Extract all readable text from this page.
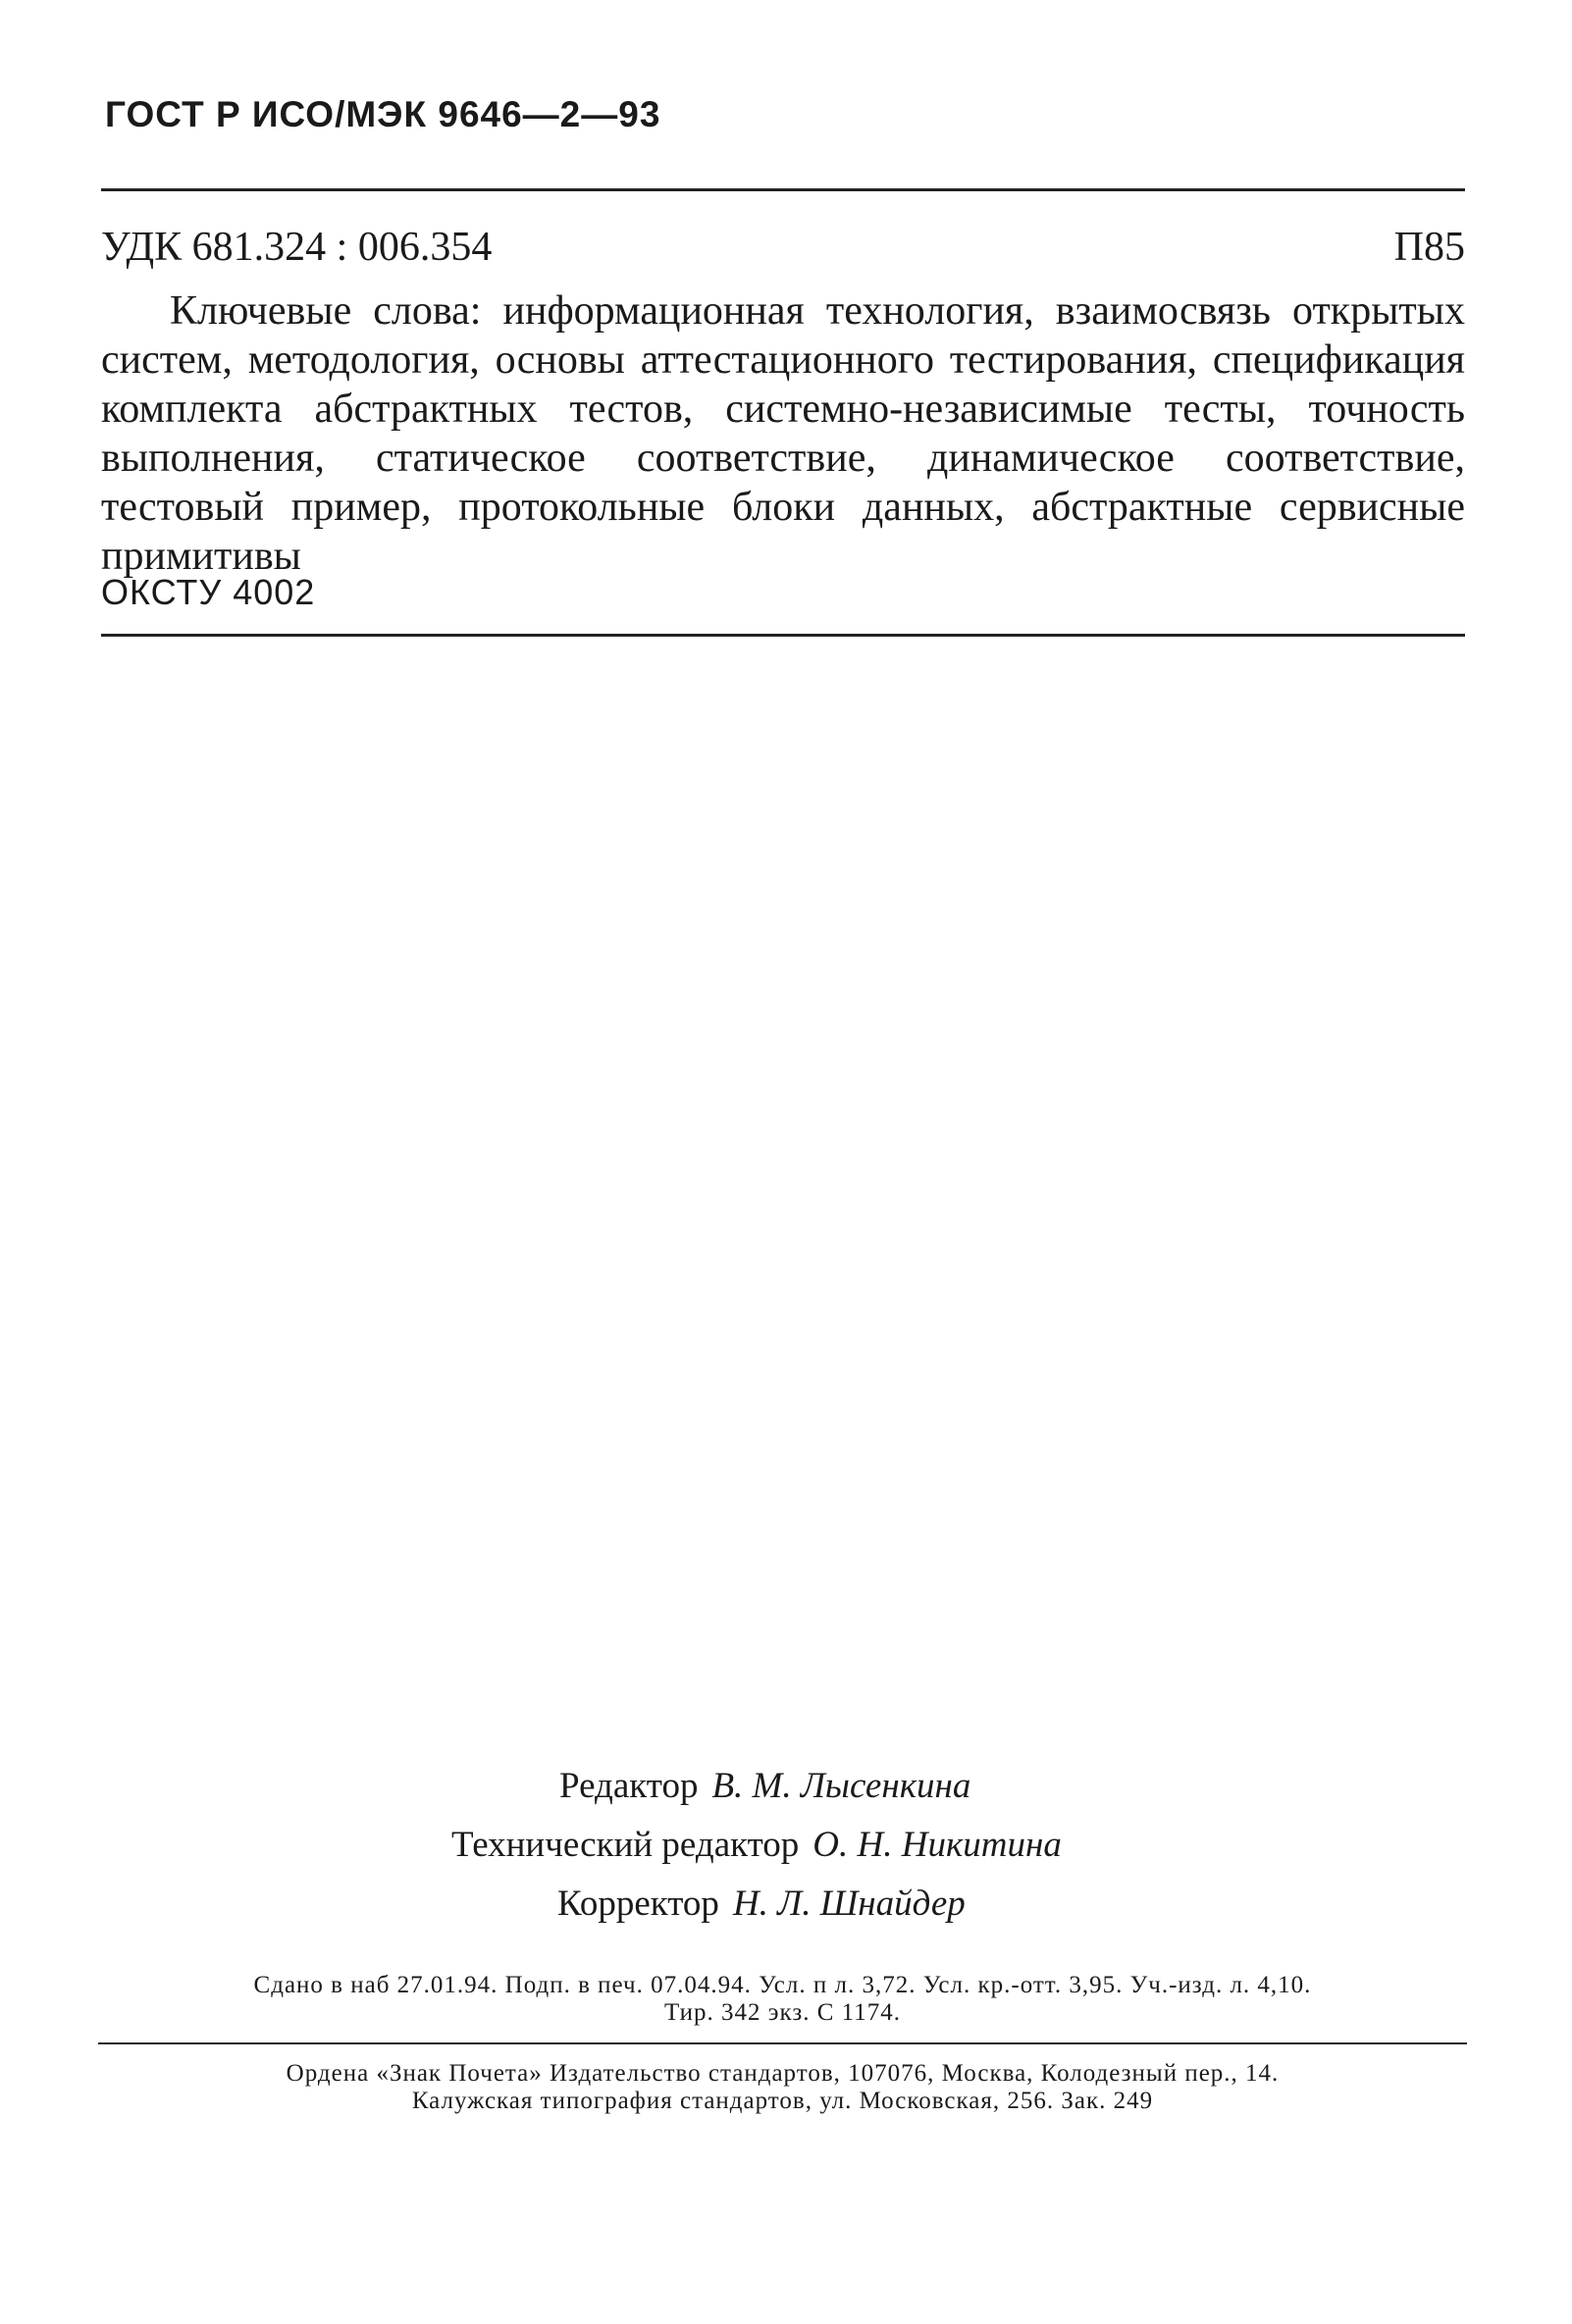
ГОСТ Р ИСО/МЭК 9646—2—93
УДК 681.324 : 006.354	П85
Ключевые слова: информационная технология, взаимосвязь открытых систем, методология, основы аттестационного тестирования, спецификация комплекта абстрактных тестов, системно-независимые тесты, точность выполнения, статическое соответствие, динамическое соответствие, тестовый пример, протокольные блоки данных, абстрактные сервисные примитивы
ОКСТУ 4002
Редактор В. М. Лысенкина
Технический редактор О. Н. Никитина
Корректор Н. Л. Шнайдер
Сдано в наб 27.01.94. Подп. в печ. 07.04.94. Усл. п л. 3,72. Усл. кр.-отт. 3,95. Уч.-изд. л. 4,10.
Тир. 342 экз. С 1174.
Ордена «Знак Почета» Издательство стандартов, 107076, Москва, Колодезный пер., 14.
Калужская типография стандартов, ул. Московская, 256. Зак. 249
